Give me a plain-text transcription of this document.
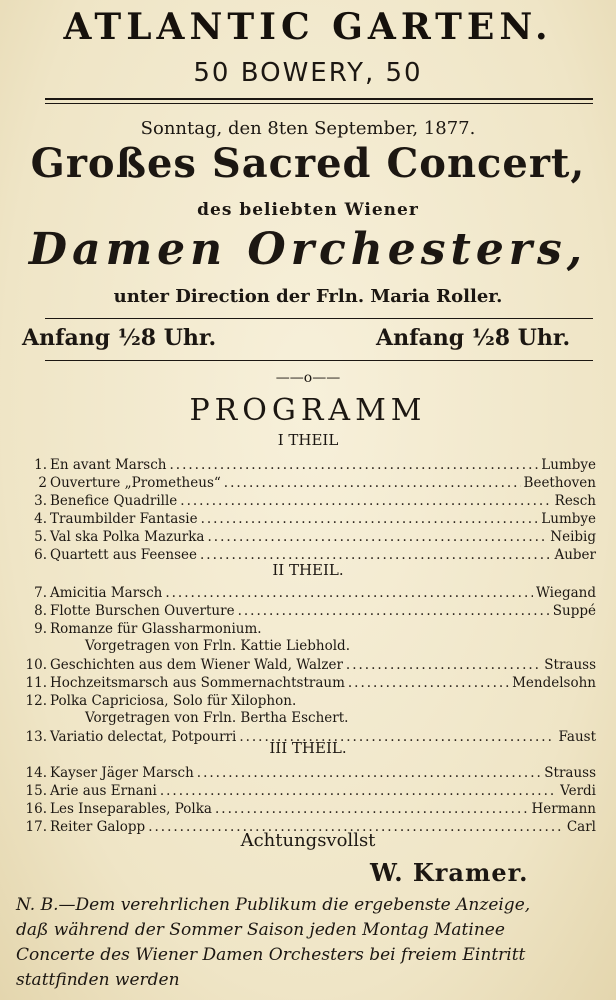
ATLANTIC GARTEN.
50 BOWERY, 50
Sonntag, den 8ten September, 1877.
Großes Sacred Concert,
des beliebten Wiener
Damen Orchesters,
unter Direction der Frln. Maria Roller.
Anfang ½8 Uhr.	Anfang ½8 Uhr.
——o——
PROGRAMM
I THEIL
1. En avant Marsch .....	Lumbye
2 Ouverture „Prometheus“ .....	Beethoven
3. Benefice Quadrille .....	Resch
4. Traumbilder Fantasie .....	Lumbye
5. Val ska Polka Mazurka .....	Neibig
6. Quartett aus Feensee .....	Auber
II THEIL.
7. Amicitia Marsch .....	Wiegand
8. Flotte Burschen Ouverture .....	Suppé
9. Romanze für Glassharmonium.
Vorgetragen von Frln. Kattie Liebhold.
10. Geschichten aus dem Wiener Wald, Walzer .....	Strauss
11. Hochzeitsmarsch aus Sommernachtstraum .....	Mendelsohn
12. Polka Capriciosa, Solo für Xilophon.
Vorgetragen von Frln. Bertha Eschert.
13. Variatio delectat, Potpourri .....	Faust
III THEIL.
14. Kayser Jäger Marsch .....	Strauss
15. Arie aus Ernani .....	Verdi
16. Les Inseparables, Polka .....	Hermann
17. Reiter Galopp .....	Carl
Achtungsvollst
W. Kramer.
N. B.—Dem verehrlichen Publikum die ergebenste Anzeige,
daß während der Sommer Saison jeden Montag Matinee
Concerte des Wiener Damen Orchesters bei freiem Eintritt
stattfinden werden
